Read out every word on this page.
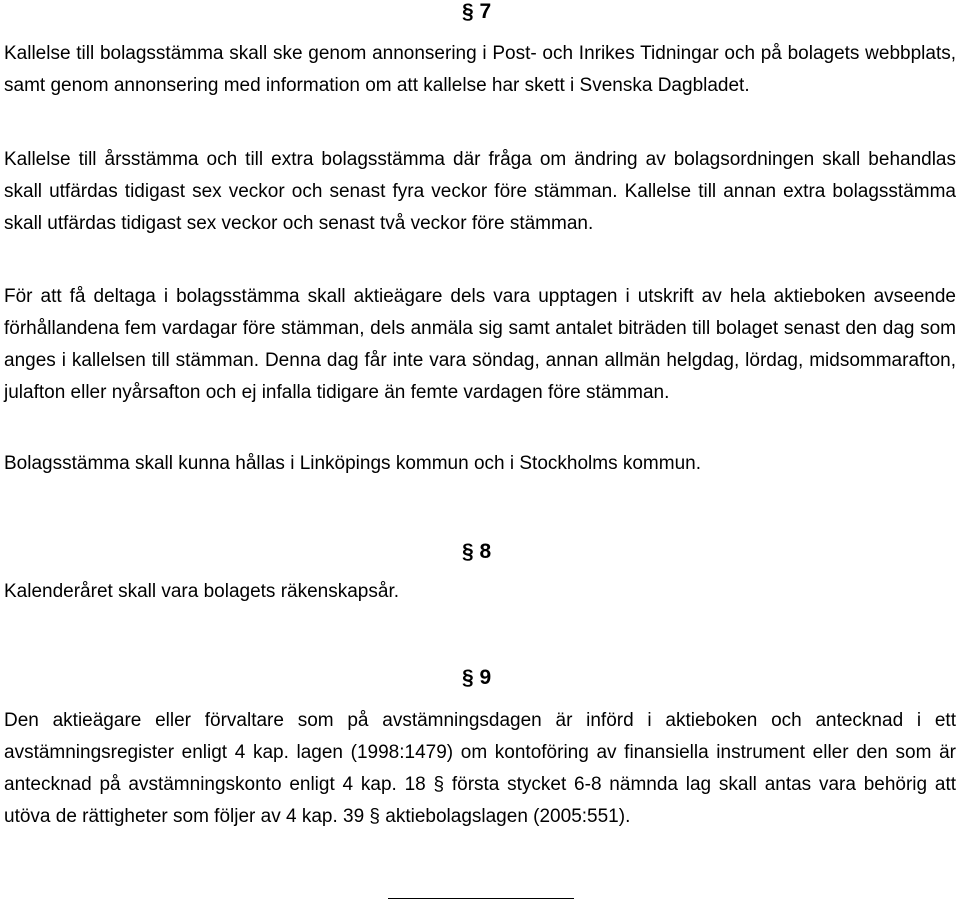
§ 7

Kallelse till bolagsstämma skall ske genom annonsering i Post- och Inrikes Tidningar och på bolagets webbplats, samt genom annonsering med information om att kallelse har skett i Svenska Dagbladet.

Kallelse till årsstämma och till extra bolagsstämma där fråga om ändring av bolagsordningen skall behandlas skall utfärdas tidigast sex veckor och senast fyra veckor före stämman. Kallelse till annan extra bolagsstämma skall utfärdas tidigast sex veckor och senast två veckor före stämman.

För att få deltaga i bolagsstämma skall aktieägare dels vara upptagen i utskrift av hela aktieboken avseende förhållandena fem vardagar före stämman, dels anmäla sig samt antalet biträden till bolaget senast den dag som anges i kallelsen till stämman. Denna dag får inte vara söndag, annan allmän helgdag, lördag, midsommarafton, julafton eller nyårsafton och ej infalla tidigare än femte vardagen före stämman.

Bolagsstämma skall kunna hållas i Linköpings kommun och i Stockholms kommun.

§ 8

Kalenderåret skall vara bolagets räkenskapsår.

§ 9

Den aktieägare eller förvaltare som på avstämningsdagen är införd i aktieboken och antecknad i ett avstämningsregister enligt 4 kap. lagen (1998:1479) om kontoföring av finansiella instrument eller den som är antecknad på avstämningskonto enligt 4 kap. 18 § första stycket 6-8 nämnda lag skall antas vara behörig att utöva de rättigheter som följer av 4 kap. 39 § aktiebolagslagen (2005:551).
